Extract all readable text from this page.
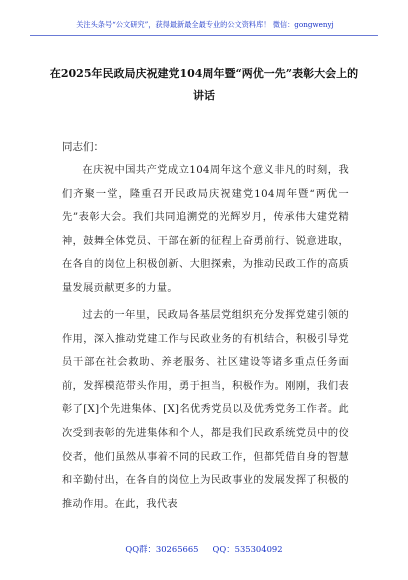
关注头条号“公文研究”，获得最新最全最专业的公文资料库！ 微信：gongwenyj
在2025年民政局庆祝建党104周年暨“两优一先”表彰大会上的讲话
同志们：

在庆祝中国共产党成立104周年这个意义非凡的时刻，我们齐聚一堂，隆重召开民政局庆祝建党104周年暨“两优一先”表彰大会。我们共同追溯党的光辉岁月，传承伟大建党精神，鼓舞全体党员、干部在新的征程上奋勇前行、锐意进取，在各自的岗位上积极创新、大胆探索，为推动民政工作的高质量发展贡献更多的力量。

过去的一年里，民政局各基层党组织充分发挥党建引领的作用，深入推动党建工作与民政业务的有机结合，积极引导党员干部在社会救助、养老服务、社区建设等诸多重点任务面前，发挥模范带头作用，勇于担当，积极作为。刚刚，我们表彰了[X]个先进集体、[X]名优秀党员以及优秀党务工作者。此次受到表彰的先进集体和个人，都是我们民政系统党员中的佼佼者，他们虽然从事着不同的民政工作，但都凭借自身的智慧和辛勤付出，在各自的岗位上为民政事业的发展发挥了积极的推动作用。在此，我代表

QQ群：30265665 QQ：535304092
